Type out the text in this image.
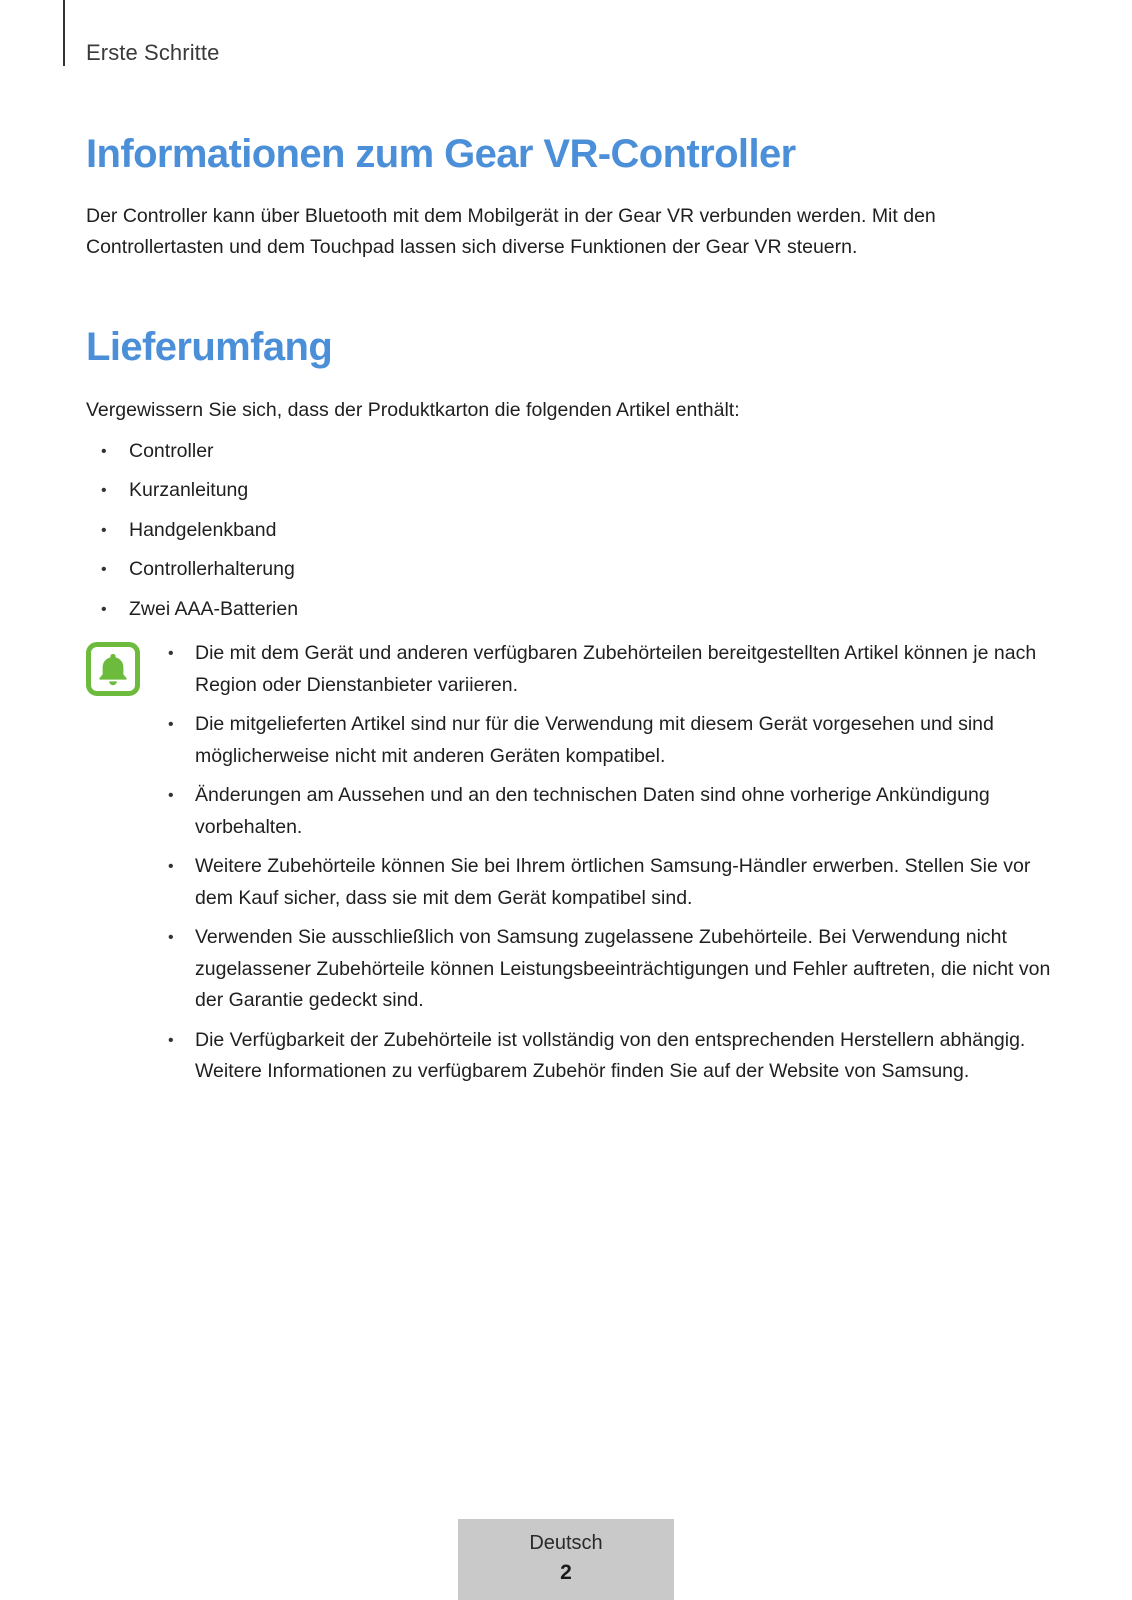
Erste Schritte
Informationen zum Gear VR-Controller

Der Controller kann über Bluetooth mit dem Mobilgerät in der Gear VR verbunden werden. Mit den Controllertasten und dem Touchpad lassen sich diverse Funktionen der Gear VR steuern.

Lieferumfang

Vergewissern Sie sich, dass der Produktkarton die folgenden Artikel enthält:

• Controller
• Kurzanleitung
• Handgelenkband
• Controllerhalterung
• Zwei AAA-Batterien
• Die mit dem Gerät und anderen verfügbaren Zubehörteilen bereitgestellten Artikel können je nach Region oder Dienstanbieter variieren.
• Die mitgelieferten Artikel sind nur für die Verwendung mit diesem Gerät vorgesehen und sind möglicherweise nicht mit anderen Geräten kompatibel.
• Änderungen am Aussehen und an den technischen Daten sind ohne vorherige Ankündigung vorbehalten.
• Weitere Zubehörteile können Sie bei Ihrem örtlichen Samsung-Händler erwerben. Stellen Sie vor dem Kauf sicher, dass sie mit dem Gerät kompatibel sind.
• Verwenden Sie ausschließlich von Samsung zugelassene Zubehörteile. Bei Verwendung nicht zugelassener Zubehörteile können Leistungsbeeinträchtigungen und Fehler auftreten, die nicht von der Garantie gedeckt sind.
• Die Verfügbarkeit der Zubehörteile ist vollständig von den entsprechenden Herstellern abhängig. Weitere Informationen zu verfügbarem Zubehör finden Sie auf der Website von Samsung.
Deutsch
2
